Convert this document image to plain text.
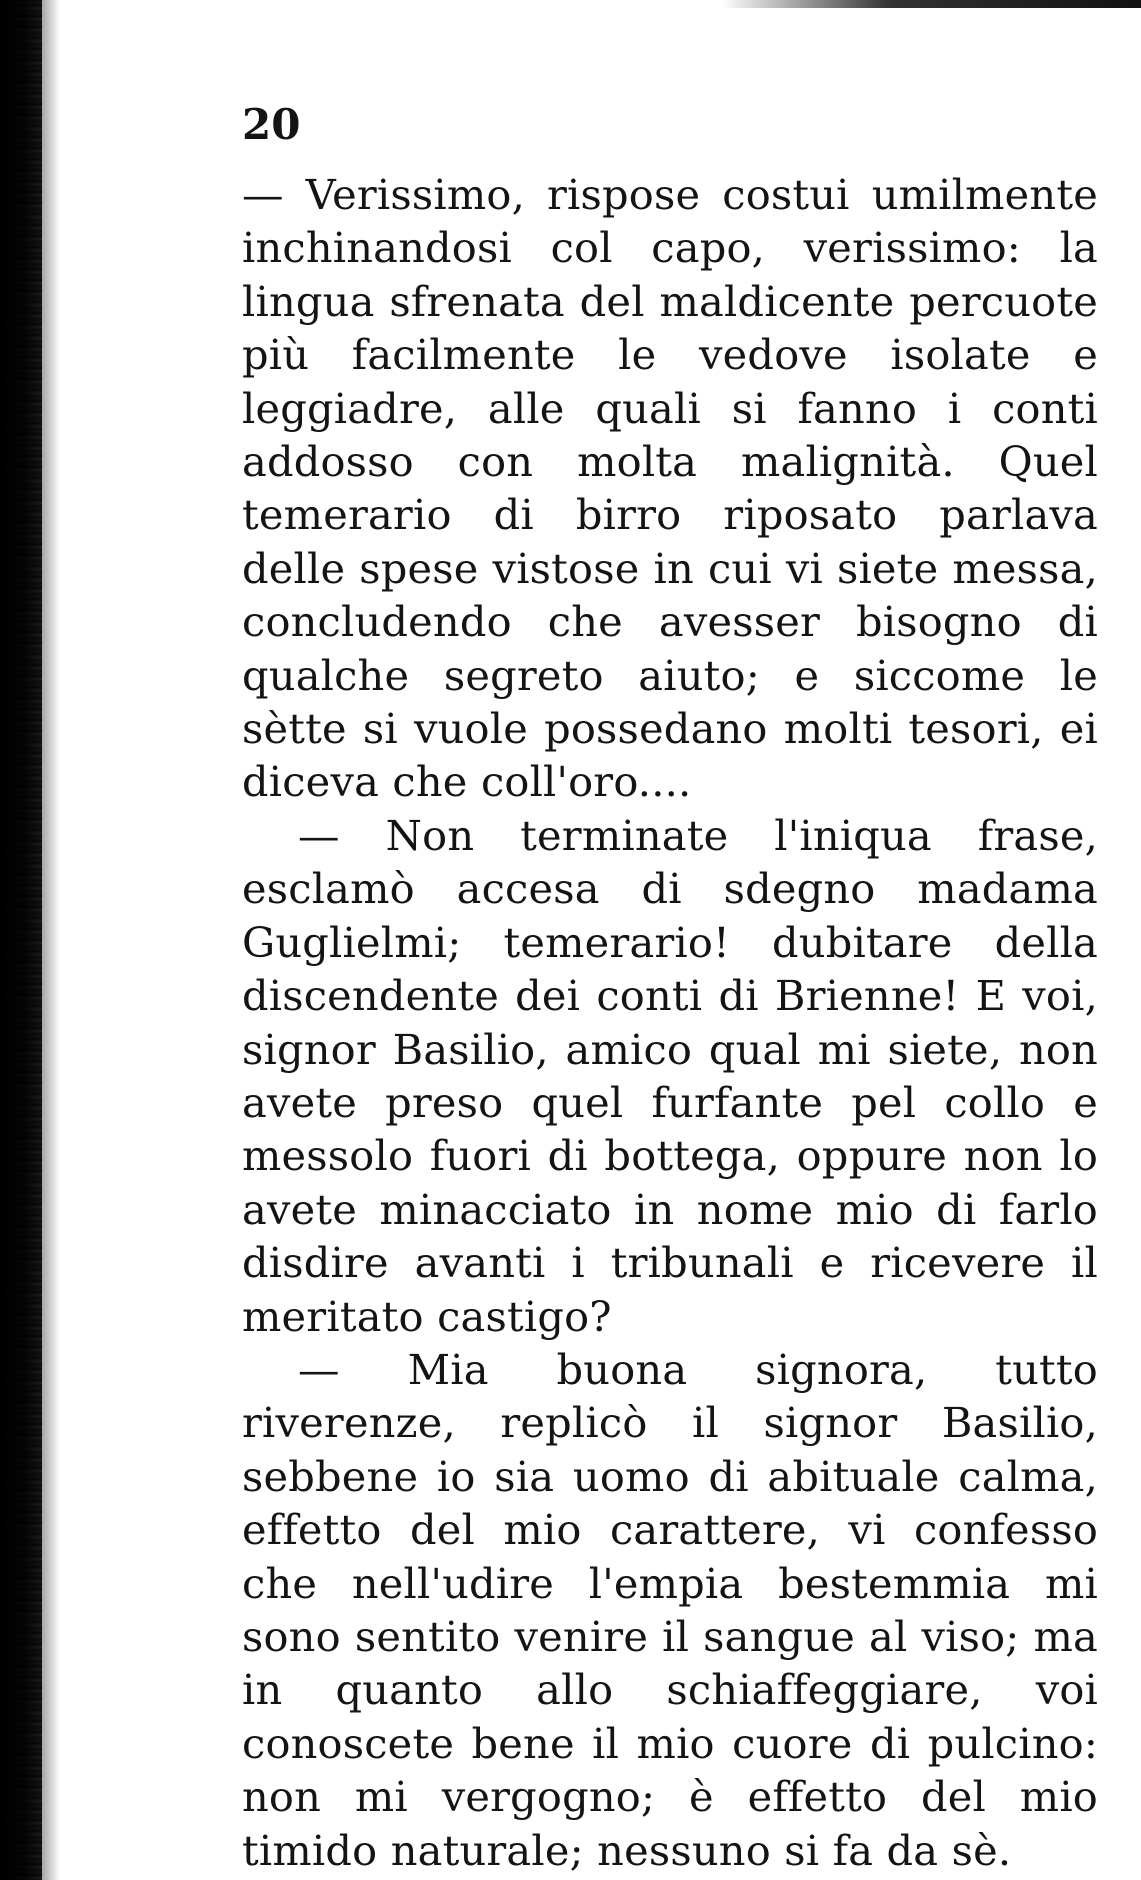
20

— Verissimo, rispose costui umilmente inchinandosi col capo, verissimo: la lingua sfrenata del maldicente percuote più facilmente le vedove isolate e leggiadre, alle quali si fanno i conti addosso con molta malignità. Quel temerario di birro riposato parlava delle spese vistose in cui vi siete messa, concludendo che avesser bisogno di qualche segreto aiuto; e siccome le sètte si vuole possedano molti tesori, ei diceva che coll'oro....

— Non terminate l'iniqua frase, esclamò accesa di sdegno madama Guglielmi; temerario! dubitare della discendente dei conti di Brienne! E voi, signor Basilio, amico qual mi siete, non avete preso quel furfante pel collo e messolo fuori di bottega, oppure non lo avete minacciato in nome mio di farlo disdire avanti i tribunali e ricevere il meritato castigo?

— Mia buona signora, tutto riverenze, replicò il signor Basilio, sebbene io sia uomo di abituale calma, effetto del mio carattere, vi confesso che nell'udire l'empia bestemmia mi sono sentito venire il sangue al viso; ma in quanto allo schiaffeggiare, voi conoscete bene il mio cuore di pulcino: non mi vergogno; è effetto del mio timido naturale; nessuno si fa da sè.
